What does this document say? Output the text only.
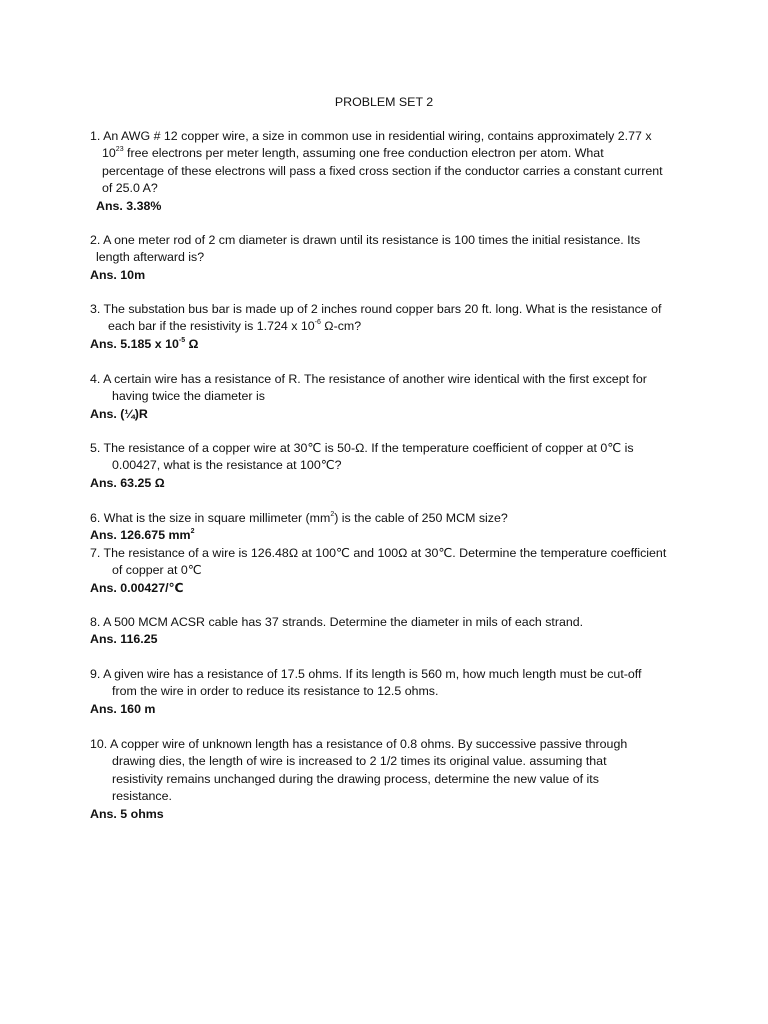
PROBLEM SET 2

1. An AWG # 12 copper wire, a size in common use in residential wiring, contains approximately 2.77 x

$10^{23}$ free electrons per meter length, assuming one free conduction electron per atom. What
percentage of these electrons will pass a fixed cross section if the conductor carries a constant current
of 25.0 A?

Ans. 3.38%

2. A one meter rod of 2 cm diameter is drawn until its resistance is 100 times the initial resistance. Its

length afterward is?

Ans. 10m

3. The substation bus bar is made up of 2 inches round copper bars 20 ft. long. What is the resistance of

each bar if the resistivity is 1.724 x $10^{-6}$ Ω-cm?

Ans. 5.185 x $10^{-5}$ Ω

4. A certain wire has a resistance of R. The resistance of another wire identical with the first except for

having twice the diameter is

Ans. (¼)R

5. The resistance of a copper wire at 30℃ is 50-Ω. If the temperature coefficient of copper at 0℃ is

0.00427, what is the resistance at 100℃?

Ans. 63.25 Ω

6. What is the size in square millimeter $(mm^2)$ is the cable of 250 MCM size?

Ans. 126.675 $mm^2$

7. The resistance of a wire is 126.48Ω at 100℃ and 100Ω at 30℃. Determine the temperature coefficient

of copper at 0℃

Ans. 0.00427/℃

8. A 500 MCM ACSR cable has 37 strands. Determine the diameter in mils of each strand.

Ans. 116.25

9. A given wire has a resistance of 17.5 ohms. If its length is 560 m, how much length must be cut-off

from the wire in order to reduce its resistance to 12.5 ohms.

Ans. 160 m

10. A copper wire of unknown length has a resistance of 0.8 ohms. By successive passive through
drawing dies, the length of wire is increased to 2 1/2 times its original value. assuming that
resistivity remains unchanged during the drawing process, determine the new value of its
resistance.

Ans. 5 ohms
